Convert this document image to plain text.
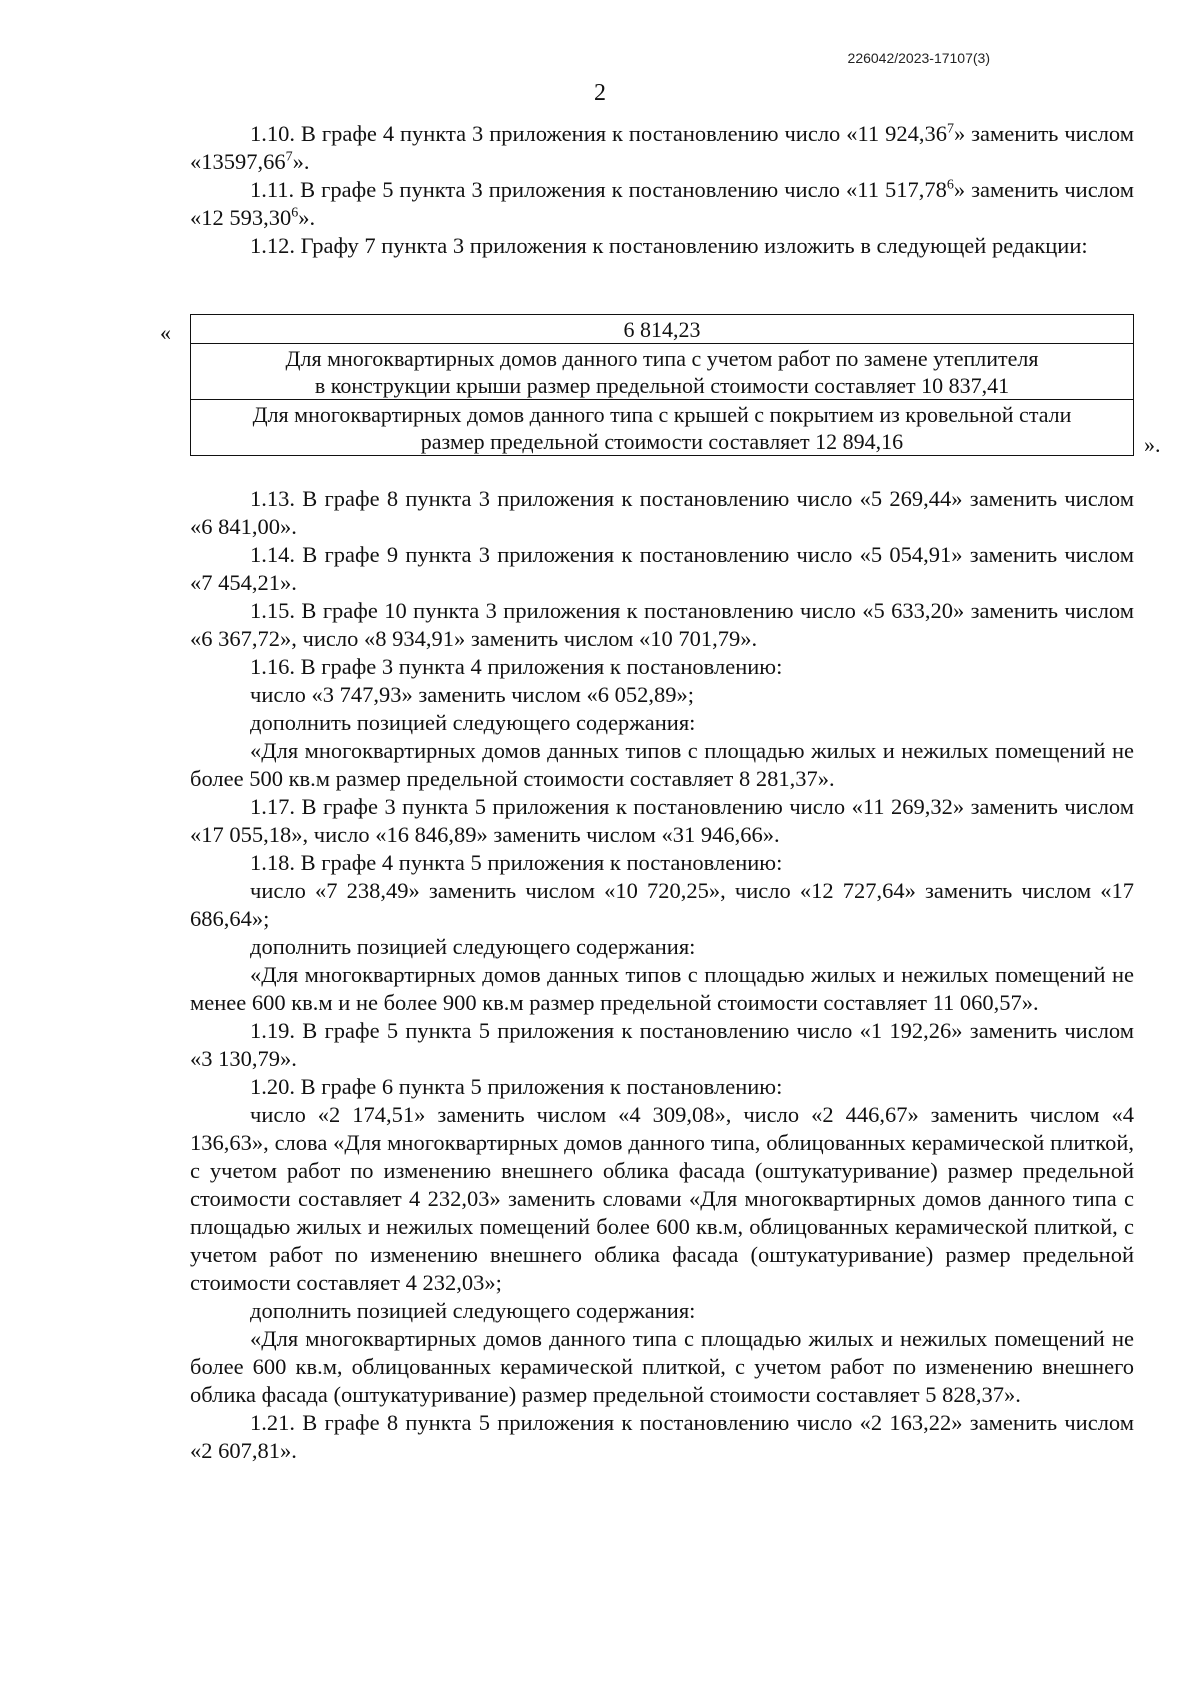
226042/2023-17107(3)
2

1.10. В графе 4 пункта 3 приложения к постановлению число «11 924,36$^7$» заменить числом «13597,66$^7$».

1.11. В графе 5 пункта 3 приложения к постановлению число «11 517,78$^6$» заменить числом «12 593,30$^6$».

1.12. Графу 7 пункта 3 приложения к постановлению изложить в следующей редакции:

«	6 814,23

Для многоквартирных домов данного типа с учетом работ по замене утеплителя
в конструкции крыши размер предельной стоимости составляет 10 837,41

Для многоквартирных домов данного типа с крышей с покрытием из кровельной стали
размер предельной стоимости составляет 12 894,16	».

1.13. В графе 8 пункта 3 приложения к постановлению число «5 269,44» заменить числом «6 841,00».

1.14. В графе 9 пункта 3 приложения к постановлению число «5 054,91» заменить числом «7 454,21».

1.15. В графе 10 пункта 3 приложения к постановлению число «5 633,20» заменить числом «6 367,72», число «8 934,91» заменить числом «10 701,79».

1.16. В графе 3 пункта 4 приложения к постановлению:

число «3 747,93» заменить числом «6 052,89»;

дополнить позицией следующего содержания:

«Для многоквартирных домов данных типов с площадью жилых и нежилых помещений не более 500 кв.м размер предельной стоимости составляет 8 281,37».

1.17. В графе 3 пункта 5 приложения к постановлению число «11 269,32» заменить числом «17 055,18», число «16 846,89» заменить числом «31 946,66».

1.18. В графе 4 пункта 5 приложения к постановлению:

число «7 238,49» заменить числом «10 720,25», число «12 727,64» заменить числом «17 686,64»;

дополнить позицией следующего содержания:

«Для многоквартирных домов данных типов с площадью жилых и нежилых помещений не менее 600 кв.м и не более 900 кв.м размер предельной стоимости составляет 11 060,57».

1.19. В графе 5 пункта 5 приложения к постановлению число «1 192,26» заменить числом «3 130,79».

1.20. В графе 6 пункта 5 приложения к постановлению:

число «2 174,51» заменить числом «4 309,08», число «2 446,67» заменить числом «4 136,63», слова «Для многоквартирных домов данного типа, облицованных керамической плиткой, с учетом работ по изменению внешнего облика фасада (оштукатуривание) размер предельной стоимости составляет 4 232,03» заменить словами «Для многоквартирных домов данного типа с площадью жилых и нежилых помещений более 600 кв.м, облицованных керамической плиткой, с учетом работ по изменению внешнего облика фасада (оштукатуривание) размер предельной стоимости составляет 4 232,03»;

дополнить позицией следующего содержания:

«Для многоквартирных домов данного типа с площадью жилых и нежилых помещений не более 600 кв.м, облицованных керамической плиткой, с учетом работ по изменению внешнего облика фасада (оштукатуривание) размер предельной стоимости составляет 5 828,37».

1.21. В графе 8 пункта 5 приложения к постановлению число «2 163,22» заменить числом «2 607,81».
